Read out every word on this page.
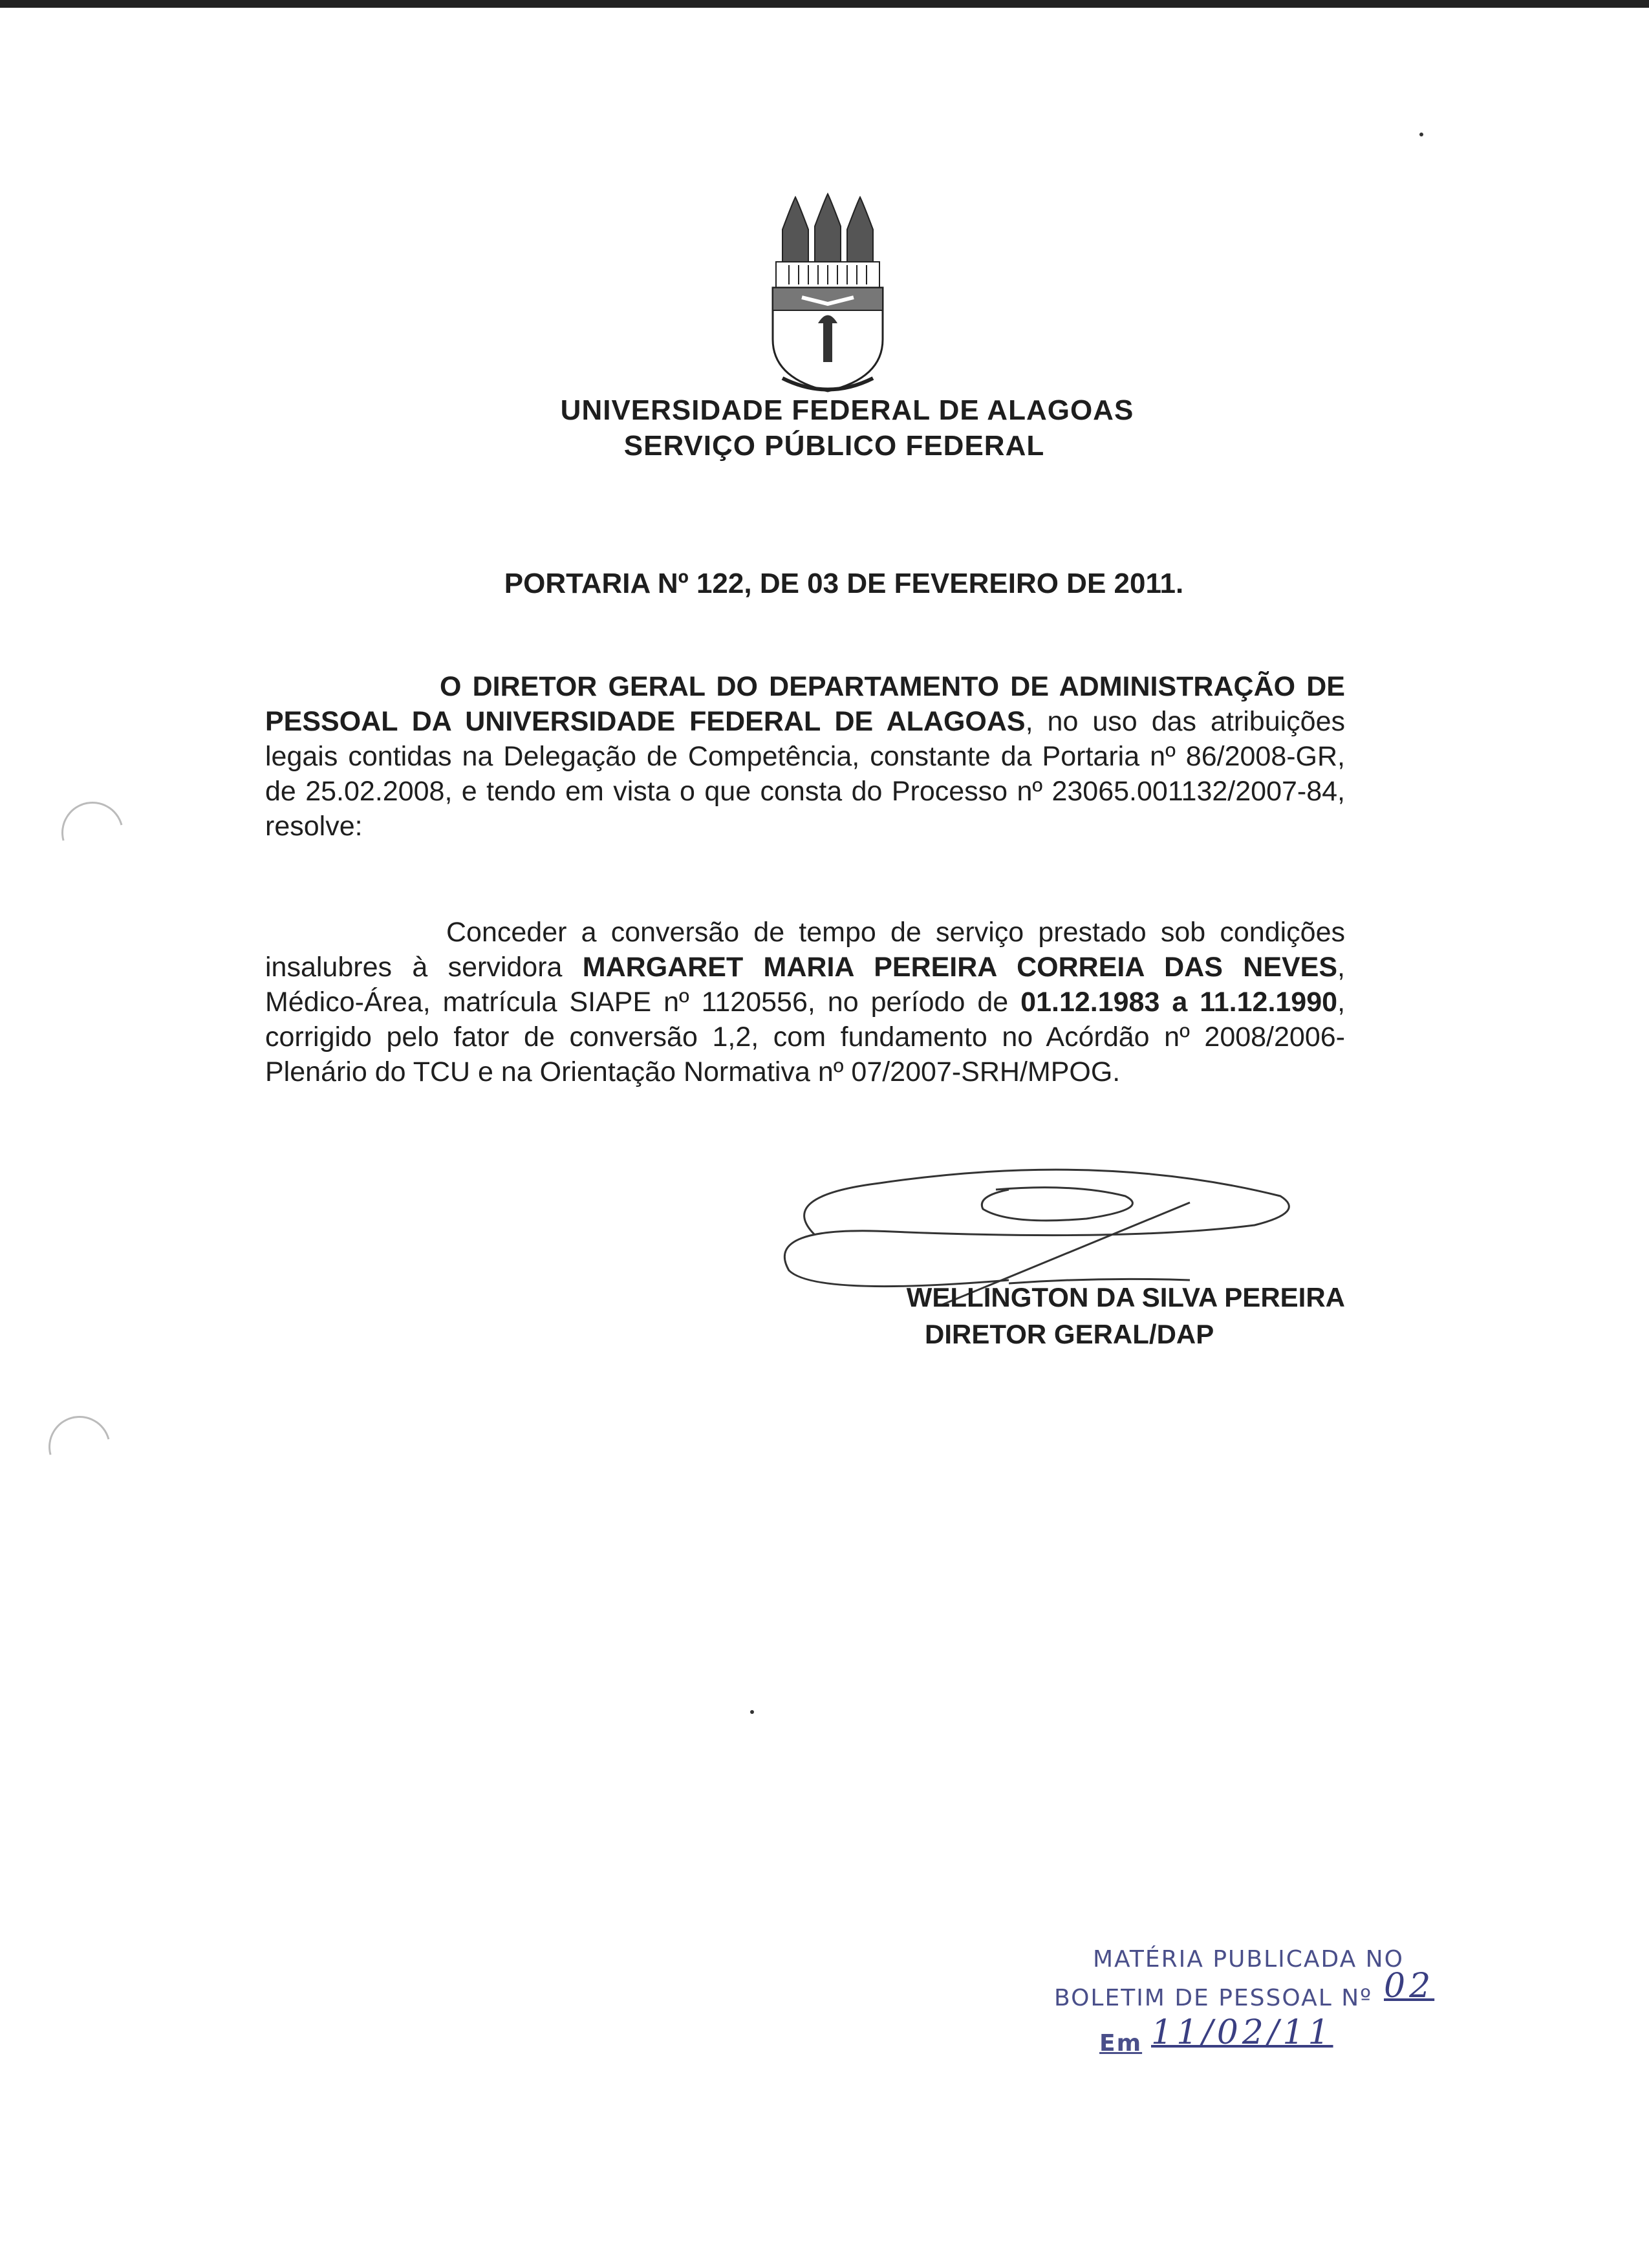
UNIVERSIDADE FEDERAL DE ALAGOAS
SERVIÇO PÚBLICO FEDERAL
PORTARIA Nº 122, DE 03 DE FEVEREIRO DE 2011.
O DIRETOR GERAL DO DEPARTAMENTO DE ADMINISTRAÇÃO DE PESSOAL DA UNIVERSIDADE FEDERAL DE ALAGOAS, no uso das atribuições legais contidas na Delegação de Competência, constante da Portaria nº 86/2008-GR, de 25.02.2008, e tendo em vista o que consta do Processo nº 23065.001132/2007-84, resolve:
Conceder a conversão de tempo de serviço prestado sob condições insalubres à servidora MARGARET MARIA PEREIRA CORREIA DAS NEVES, Médico-Área, matrícula SIAPE nº 1120556, no período de 01.12.1983 a 11.12.1990, corrigido pelo fator de conversão 1,2, com fundamento no Acórdão nº 2008/2006-Plenário do TCU e na Orientação Normativa nº 07/2007-SRH/MPOG.
WELLINGTON DA SILVA PEREIRA
DIRETOR GERAL/DAP
MATÉRIA PUBLICADA NO
BOLETIM DE PESSOAL Nº
Em
02
11/02/11
